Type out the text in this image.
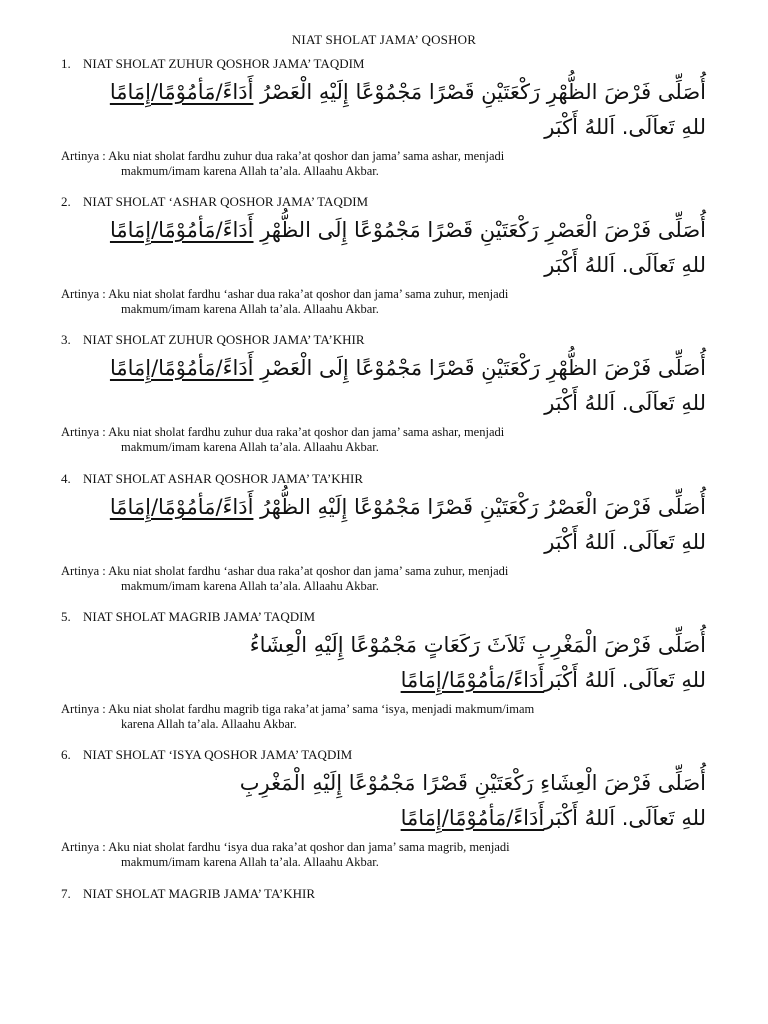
NIAT SHOLAT JAMA’ QOSHOR
1. NIAT SHOLAT ZUHUR QOSHOR JAMA’ TAQDIM
أُصَلِّى فَرْضَ الظُّهْرِ رَكْعَتَيْنِ قَصْرًا مَجْمُوْعًا إِلَيْهِ الْعَصْرُ أَدَاءً/مَأمُوْمًا/إِمَامًا
للهِ تَعاَلَى. اَللهُ أَكْبَر
Artinya : Aku niat sholat fardhu zuhur dua raka’at qoshor dan jama’ sama ashar, menjadi
makmum/imam karena Allah ta’ala. Allaahu Akbar.
2. NIAT SHOLAT ‘ASHAR QOSHOR JAMA’ TAQDIM
أُصَلِّى فَرْضَ الْعَصْرِ رَكْعَتَيْنِ قَصْرًا مَجْمُوْعًا إِلَى الظُّهْرِ أَدَاءً/مَأمُوْمًا/إِمَامًا
للهِ تَعاَلَى. اَللهُ أَكْبَر
Artinya : Aku niat sholat fardhu ‘ashar dua raka’at qoshor dan jama’ sama zuhur, menjadi
makmum/imam karena Allah ta’ala. Allaahu Akbar.
3. NIAT SHOLAT ZUHUR QOSHOR JAMA’ TA’KHIR
أُصَلِّى فَرْضَ الظُّهْرِ رَكْعَتَيْنِ قَصْرًا مَجْمُوْعًا إِلَى الْعَصْرِ أَدَاءً/مَأمُوْمًا/إِمَامًا
للهِ تَعاَلَى. اَللهُ أَكْبَر
Artinya : Aku niat sholat fardhu zuhur dua raka’at qoshor dan jama’ sama ashar, menjadi
makmum/imam karena Allah ta’ala. Allaahu Akbar.
4. NIAT SHOLAT ASHAR QOSHOR JAMA’ TA’KHIR
أُصَلِّى فَرْضَ الْعَصْرُ رَكْعَتَيْنِ قَصْرًا مَجْمُوْعًا إِلَيْهِ الظُّهْرُ أَدَاءً/مَأمُوْمًا/إِمَامًا
للهِ تَعاَلَى. اَللهُ أَكْبَر
Artinya : Aku niat sholat fardhu ‘ashar dua raka’at qoshor dan jama’ sama zuhur, menjadi
makmum/imam karena Allah ta’ala. Allaahu Akbar.
5. NIAT SHOLAT MAGRIB JAMA’ TAQDIM
أُصَلِّى فَرْضَ الْمَغْرِبِ ثَلاَثَ رَكَعَاتٍ مَجْمُوْعًا إِلَيْهِ الْعِشَاءُ
للهِ تَعاَلَى. اَللهُ أَكْبَرأَدَاءً/مَأمُوْمًا/إِمَامًا
Artinya : Aku niat sholat fardhu magrib tiga raka’at jama’ sama ‘isya, menjadi makmum/imam
karena Allah ta’ala. Allaahu Akbar.
6. NIAT SHOLAT ‘ISYA QOSHOR JAMA’ TAQDIM
أُصَلِّى فَرْضَ الْعِشَاءِ رَكْعَتَيْنِ قَصْرًا مَجْمُوْعًا إِلَيْهِ الْمَغْرِبِ
للهِ تَعاَلَى. اَللهُ أَكْبَرأَدَاءً/مَأمُوْمًا/إِمَامًا
Artinya : Aku niat sholat fardhu ‘isya dua raka’at qoshor dan jama’ sama magrib, menjadi
makmum/imam karena Allah ta’ala. Allaahu Akbar.
7. NIAT SHOLAT MAGRIB JAMA’ TA’KHIR
